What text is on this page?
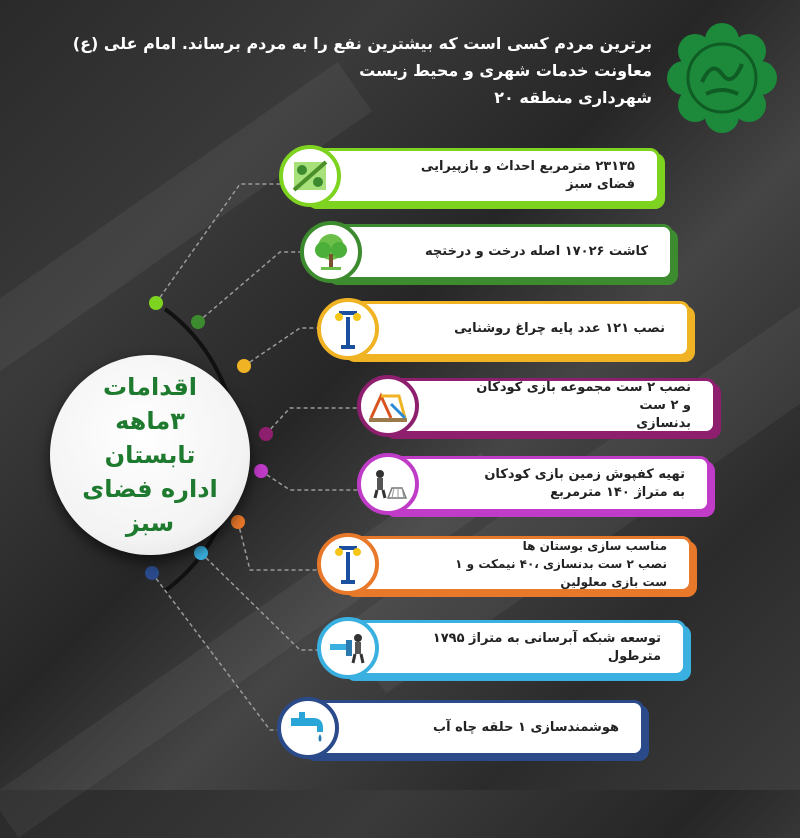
برترین مردم کسی است که بیشترین نفع را به مردم برساند. امام علی (ع)
معاونت خدمات شهری و محیط زیست
شهرداری منطقه ۲۰
اقدامات ۳ماهه تابستان اداره فضای سبز
۲۳۱۳۵ مترمربع احداث و بازپیرایی
فضای سبز
کاشت ۱۷۰۲۶ اصله درخت و درختچه
نصب ۱۲۱ عدد پایه چراغ روشنایی
نصب ۲ ست مجموعه بازی کودکان و ۲ ست
بدنسازی
تهیه کفپوش زمین بازی کودکان
به متراژ ۱۴۰ مترمربع
مناسب سازی بوستان ها
نصب ۲ ست بدنسازی ،۴۰ نیمکت و ۱ ست بازی معلولین
توسعه شبکه آبرسانی به متراژ ۱۷۹۵ مترطول
هوشمندسازی ۱ حلقه چاه آب
